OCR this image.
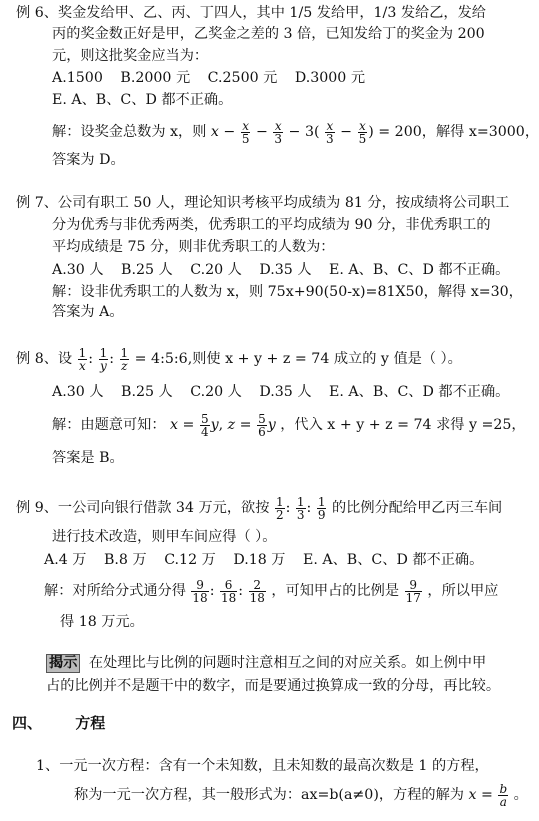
例 6、奖金发给甲、乙、丙、丁四人，其中 1/5 发给甲，1/3 发给乙，发给
丙的奖金数正好是甲，乙奖金之差的 3 倍，已知发给丁的奖金为 200
元，则这批奖金应当为：
A.1500 B.2000 元 C.2500 元 D.3000 元
E. A、B、C、D 都不正确。
解：设奖金总数为 x，则 $x - \frac{x}{5} - \frac{x}{3} - 3( \frac{x}{3} - \frac{x}{5}$ ) = 200，解得 x=3000，
答案为 D。
例 7、公司有职工 50 人，理论知识考核平均成绩为 81 分，按成绩将公司职工
分为优秀与非优秀两类，优秀职工的平均成绩为 90 分，非优秀职工的
平均成绩是 75 分，则非优秀职工的人数为：
A.30 人 B.25 人 C.20 人 D.35 人 E. A、B、C、D 都不正确。
解：设非优秀职工的人数为 x，则 75x+90(50-x)=81X50，解得 x=30，
答案为 A。
例 8、设 $\frac{1}{x}$ : $\frac{1}{y}$ : $\frac{1}{z}$ = 4:5:6,则使 x + y + z = 74 成立的 y 值是（ ）。
A.30 人 B.25 人 C.20 人 D.35 人 E. A、B、C、D 都不正确。
解：由题意可知： $x = \frac{5}{4} y$, $z = \frac{5}{6}$ y ，代入 x + y + z = 74 求得 y =25，
答案是 B。
例 9、一公司向银行借款 34 万元，欲按 $\frac{1}{2}$ : $\frac{1}{3}$ : $\frac{1}{9}$ 的比例分配给甲乙丙三车间
进行技术改造，则甲车间应得（ ）。
A.4 万 B.8 万 C.12 万 D.18 万 E. A、B、C、D 都不正确。
解：对所给分式通分得 $\frac{9}{18}$ : $\frac{6}{18}$ : $\frac{2}{18}$ ，可知甲占的比例是 $\frac{9}{17}$ ，所以甲应
得 18 万元。
揭示 在处理比与比例的问题时注意相互之间的对应关系。如上例中甲
占的比例并不是题干中的数字，而是要通过换算成一致的分母，再比较。
四、 方程
1、一元一次方程：含有一个未知数，且未知数的最高次数是 1 的方程，
称为一元一次方程，其一般形式为：ax=b(a≠0)，方程的解为 $x = \frac{b}{a}$ 。
